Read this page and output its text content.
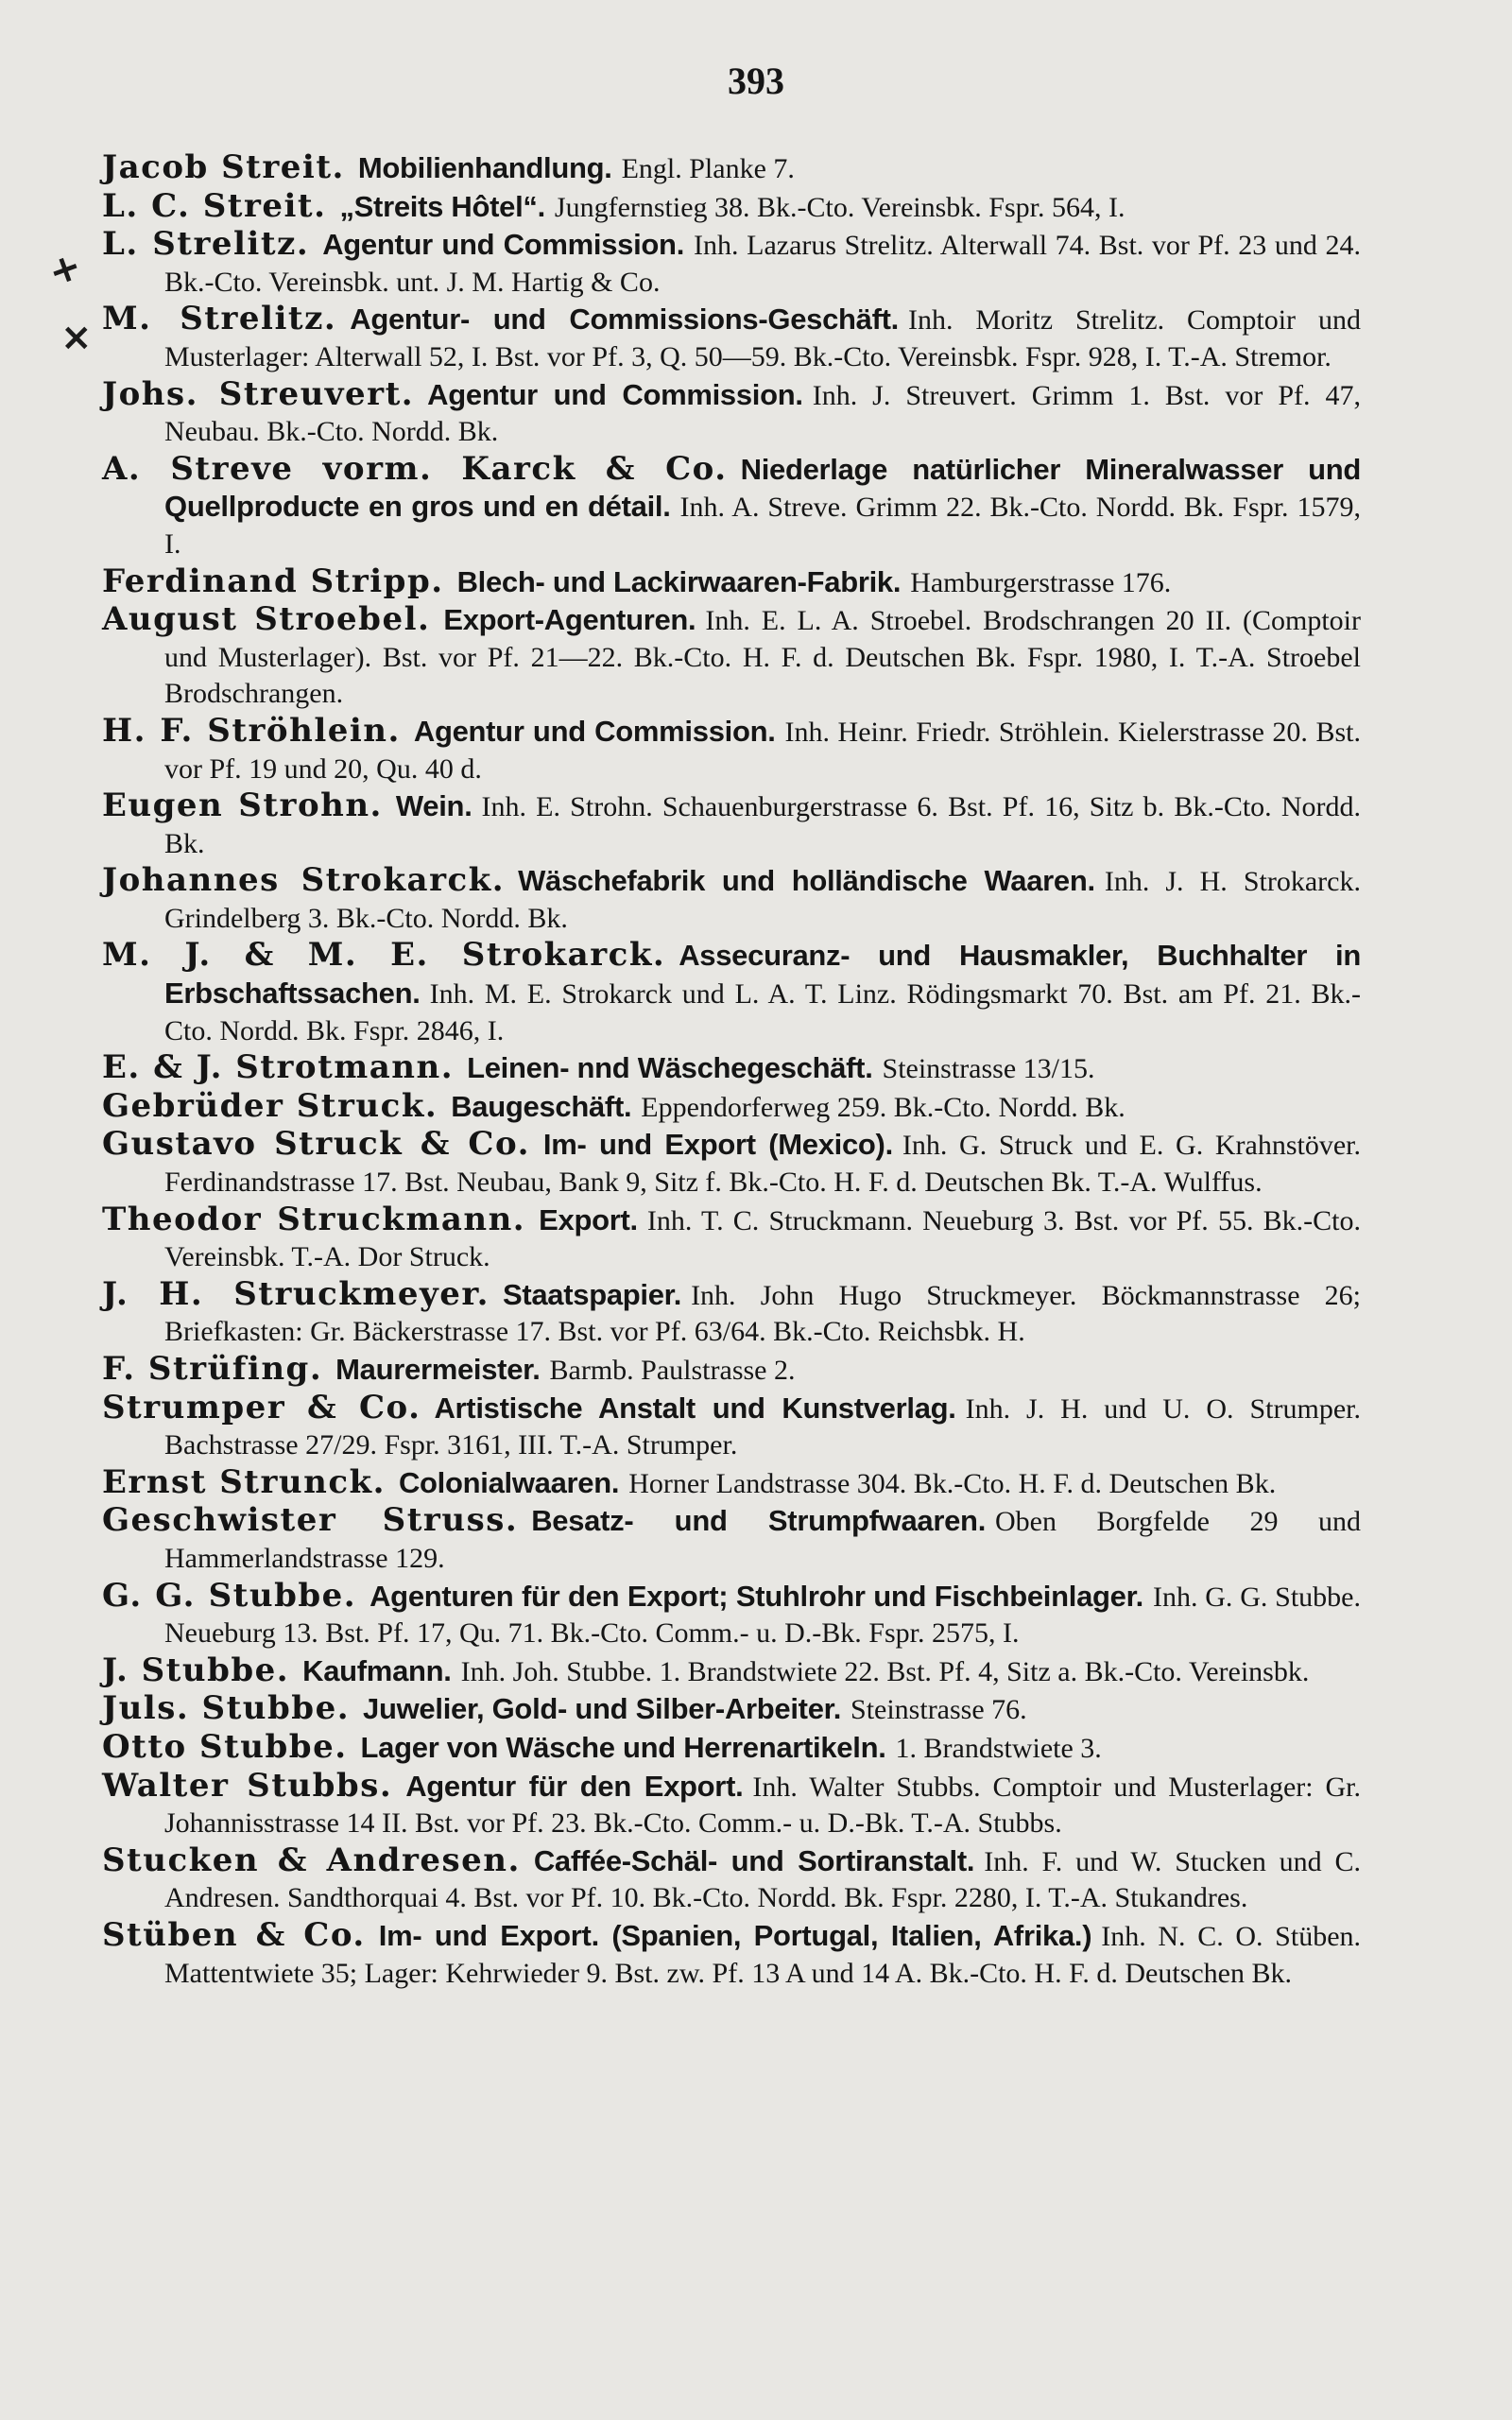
393
+
×
Jacob Streit. Mobilienhandlung. Engl. Planke 7.
L. C. Streit. „Streits Hôtel“. Jungfernstieg 38. Bk.-Cto. Vereinsbk. Fspr. 564, I.
L. Strelitz. Agentur und Commission. Inh. Lazarus Strelitz. Alterwall 74. Bst. vor Pf. 23 und 24. Bk.-Cto. Vereinsbk. unt. J. M. Hartig & Co.
M. Strelitz. Agentur- und Commissions-Geschäft. Inh. Moritz Strelitz. Comptoir und Musterlager: Alterwall 52, I. Bst. vor Pf. 3, Q. 50—59. Bk.-Cto. Vereinsbk. Fspr. 928, I. T.-A. Stremor.
Johs. Streuvert. Agentur und Commission. Inh. J. Streuvert. Grimm 1. Bst. vor Pf. 47, Neubau. Bk.-Cto. Nordd. Bk.
A. Streve vorm. Karck & Co. Niederlage natürlicher Mineralwasser und Quellproducte en gros und en détail. Inh. A. Streve. Grimm 22. Bk.-Cto. Nordd. Bk. Fspr. 1579, I.
Ferdinand Stripp. Blech- und Lackirwaaren-Fabrik. Hamburgerstrasse 176.
August Stroebel. Export-Agenturen. Inh. E. L. A. Stroebel. Brodschrangen 20 II. (Comptoir und Musterlager). Bst. vor Pf. 21—22. Bk.-Cto. H. F. d. Deutschen Bk. Fspr. 1980, I. T.-A. Stroebel Brodschrangen.
H. F. Ströhlein. Agentur und Commission. Inh. Heinr. Friedr. Ströhlein. Kielerstrasse 20. Bst. vor Pf. 19 und 20, Qu. 40 d.
Eugen Strohn. Wein. Inh. E. Strohn. Schauenburgerstrasse 6. Bst. Pf. 16, Sitz b. Bk.-Cto. Nordd. Bk.
Johannes Strokarck. Wäschefabrik und holländische Waaren. Inh. J. H. Strokarck. Grindelberg 3. Bk.-Cto. Nordd. Bk.
M. J. & M. E. Strokarck. Assecuranz- und Hausmakler, Buchhalter in Erbschaftssachen. Inh. M. E. Strokarck und L. A. T. Linz. Rödingsmarkt 70. Bst. am Pf. 21. Bk.-Cto. Nordd. Bk. Fspr. 2846, I.
E. & J. Strotmann. Leinen- nnd Wäschegeschäft. Steinstrasse 13/15.
Gebrüder Struck. Baugeschäft. Eppendorferweg 259. Bk.-Cto. Nordd. Bk.
Gustavo Struck & Co. Im- und Export (Mexico). Inh. G. Struck und E. G. Krahnstöver. Ferdinandstrasse 17. Bst. Neubau, Bank 9, Sitz f. Bk.-Cto. H. F. d. Deutschen Bk. T.-A. Wulffus.
Theodor Struckmann. Export. Inh. T. C. Struckmann. Neueburg 3. Bst. vor Pf. 55. Bk.-Cto. Vereinsbk. T.-A. Dor Struck.
J. H. Struckmeyer. Staatspapier. Inh. John Hugo Struckmeyer. Böckmannstrasse 26; Briefkasten: Gr. Bäckerstrasse 17. Bst. vor Pf. 63/64. Bk.-Cto. Reichsbk. H.
F. Strüfing. Maurermeister. Barmb. Paulstrasse 2.
Strumper & Co. Artistische Anstalt und Kunstverlag. Inh. J. H. und U. O. Strumper. Bachstrasse 27/29. Fspr. 3161, III. T.-A. Strumper.
Ernst Strunck. Colonialwaaren. Horner Landstrasse 304. Bk.-Cto. H. F. d. Deutschen Bk.
Geschwister Struss. Besatz- und Strumpfwaaren. Oben Borgfelde 29 und Hammerlandstrasse 129.
G. G. Stubbe. Agenturen für den Export; Stuhlrohr und Fischbeinlager. Inh. G. G. Stubbe. Neueburg 13. Bst. Pf. 17, Qu. 71. Bk.-Cto. Comm.- u. D.-Bk. Fspr. 2575, I.
J. Stubbe. Kaufmann. Inh. Joh. Stubbe. 1. Brandstwiete 22. Bst. Pf. 4, Sitz a. Bk.-Cto. Vereinsbk.
Juls. Stubbe. Juwelier, Gold- und Silber-Arbeiter. Steinstrasse 76.
Otto Stubbe. Lager von Wäsche und Herrenartikeln. 1. Brandstwiete 3.
Walter Stubbs. Agentur für den Export. Inh. Walter Stubbs. Comptoir und Musterlager: Gr. Johannisstrasse 14 II. Bst. vor Pf. 23. Bk.-Cto. Comm.- u. D.-Bk. T.-A. Stubbs.
Stucken & Andresen. Caffée-Schäl- und Sortiranstalt. Inh. F. und W. Stucken und C. Andresen. Sandthorquai 4. Bst. vor Pf. 10. Bk.-Cto. Nordd. Bk. Fspr. 2280, I. T.-A. Stukandres.
Stüben & Co. Im- und Export. (Spanien, Portugal, Italien, Afrika.) Inh. N. C. O. Stüben. Mattentwiete 35; Lager: Kehrwieder 9. Bst. zw. Pf. 13 A und 14 A. Bk.-Cto. H. F. d. Deutschen Bk.
